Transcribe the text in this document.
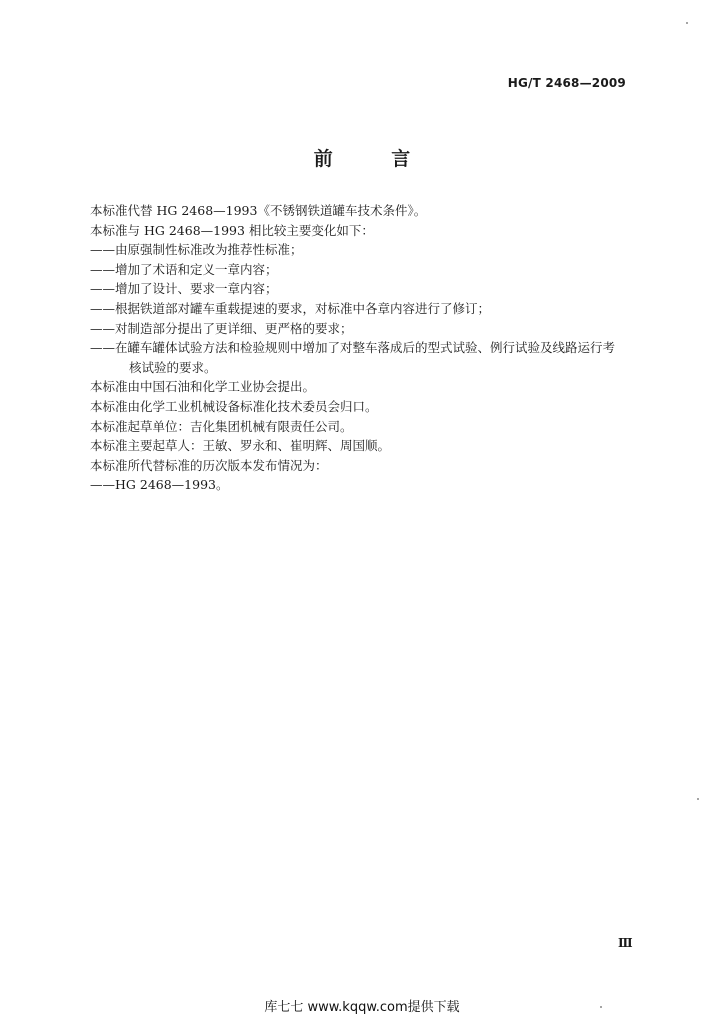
HG/T 2468—2009
前 言
本标准代替 HG 2468—1993《不锈钢铁道罐车技术条件》。
本标准与 HG 2468—1993 相比较主要变化如下：
——由原强制性标准改为推荐性标准；
——增加了术语和定义一章内容；
——增加了设计、要求一章内容；
——根据铁道部对罐车重载提速的要求，对标准中各章内容进行了修订；
——对制造部分提出了更详细、更严格的要求；
——在罐车罐体试验方法和检验规则中增加了对整车落成后的型式试验、例行试验及线路运行考
核试验的要求。
本标准由中国石油和化学工业协会提出。
本标准由化学工业机械设备标准化技术委员会归口。
本标准起草单位：吉化集团机械有限责任公司。
本标准主要起草人：王敏、罗永和、崔明辉、周国顺。
本标准所代替标准的历次版本发布情况为：
——HG 2468—1993。
Ⅲ
库七七 www.kqqw.com提供下载
